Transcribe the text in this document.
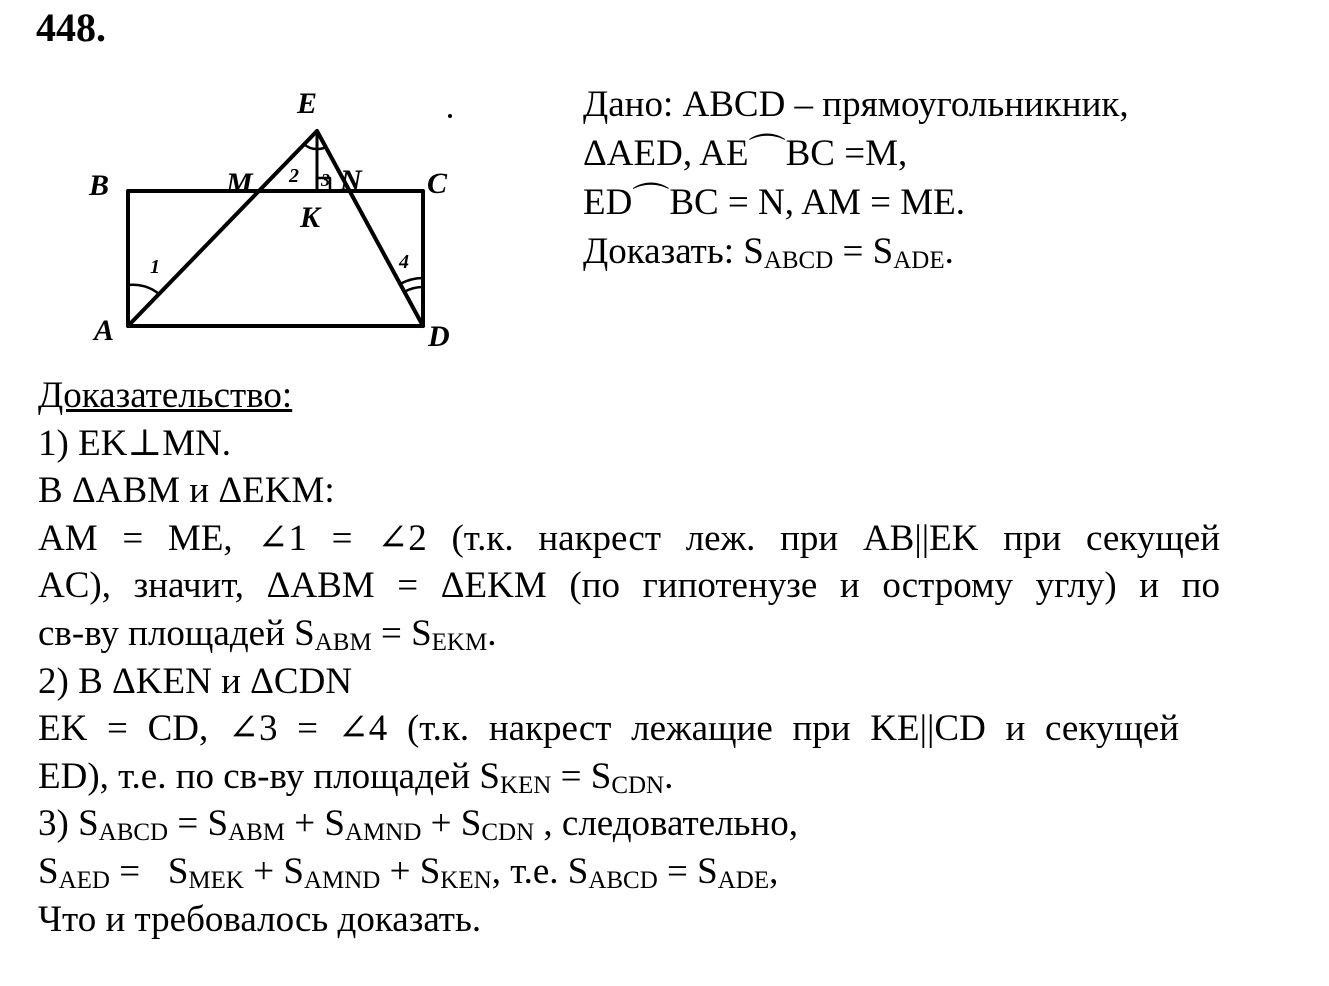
448.
E
B	M	N C
K
A	D
1
2 3
4
Дано: ABCD – прямоугольникник,
ΔAED, AE⌒BC =M,
ED⌒BC = N, AM = ME.
Доказать: $S_{ABCD} = S_{ADE}$.
Доказательство:
1) EK⊥MN.
В ΔABM и ΔEKM:
AM = ME, ∠1 = ∠2 (т.к. накрест леж. при AB||EK при секущей
AC), значит, ΔABM = ΔEKM (по гипотенузе и острому углу) и по
св-ву площадей $S_{ABM} = S_{EKM}$.
2) В ΔKEN и ΔCDN
EK = CD, ∠3 = ∠4 (т.к. накрест лежащие при KE||CD и секущей
ED), т.е. по св-ву площадей $S_{KEN} = S_{CDN}$.
3) $S_{ABCD} = S_{ABM} + S_{AMND} + S_{CDN}$ , следовательно,
$S_{AED} = S_{MEK} + S_{AMND} + S_{KEN}$, т.е. $S_{ABCD} = S_{ADE}$,
Что и требовалось доказать.
